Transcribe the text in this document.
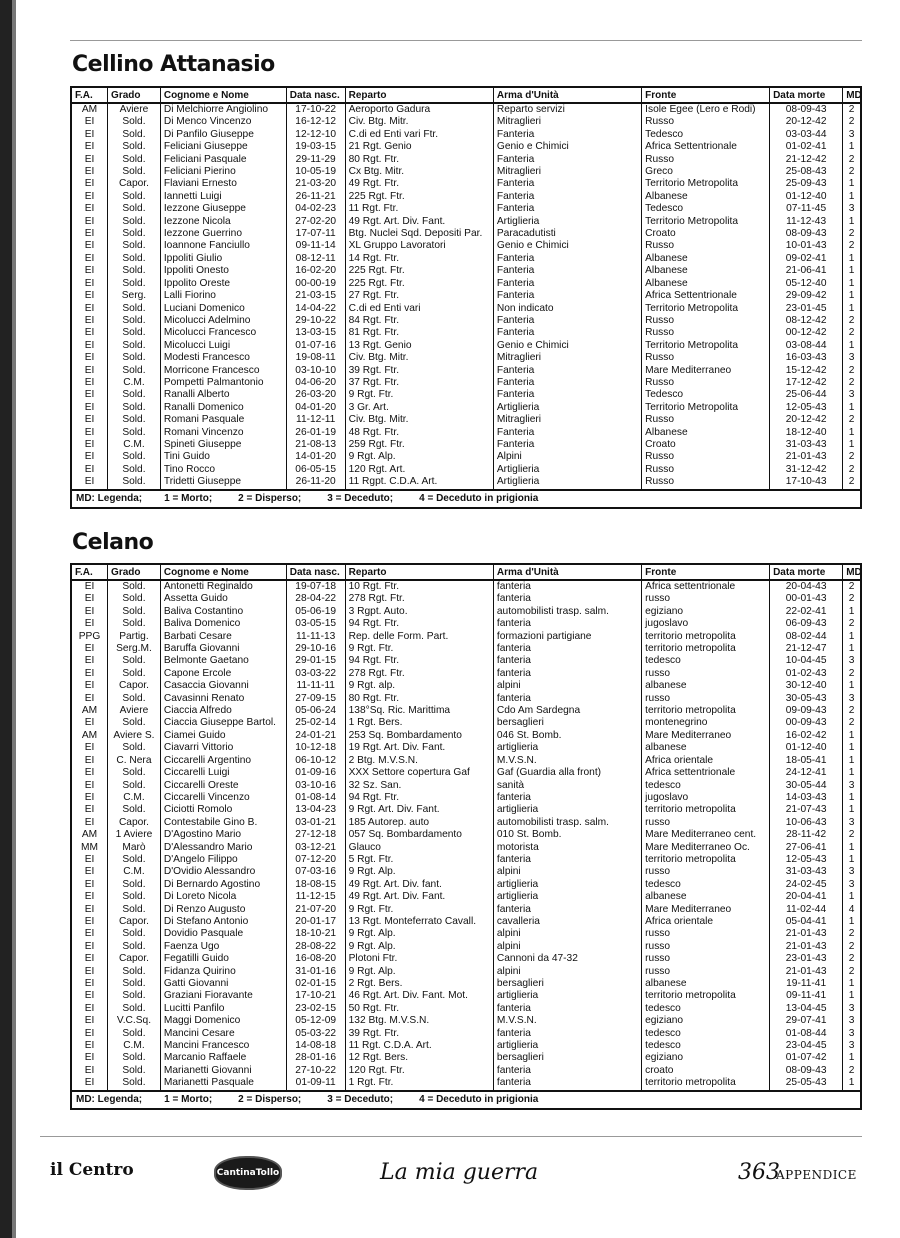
Cellino Attanasio
F.A.	Grado	Cognome e Nome	Data nasc.	Reparto	Arma d'Unità	Fronte	Data morte	MD
AM	Aviere	Di Melchiorre Angiolino	17-10-22	Aeroporto Gadura	Reparto servizi	Isole Egee (Lero e Rodi)	08-09-43	2
EI	Sold.	Di Menco Vincenzo	16-12-12	Civ. Btg. Mitr.	Mitraglieri	Russo	20-12-42	2
EI	Sold.	Di Panfilo Giuseppe	12-12-10	C.di ed Enti vari Ftr.	Fanteria	Tedesco	03-03-44	3
EI	Sold.	Feliciani Giuseppe	19-03-15	21 Rgt. Genio	Genio e Chimici	Africa Settentrionale	01-02-41	1
EI	Sold.	Feliciani Pasquale	29-11-29	80 Rgt. Ftr.	Fanteria	Russo	21-12-42	2
EI	Sold.	Feliciani Pierino	10-05-19	Cx Btg. Mitr.	Mitraglieri	Greco	25-08-43	2
EI	Capor.	Flaviani Ernesto	21-03-20	49 Rgt. Ftr.	Fanteria	Territorio Metropolita	25-09-43	1
EI	Sold.	Iannetti Luigi	26-11-21	225 Rgt. Ftr.	Fanteria	Albanese	01-12-40	1
EI	Sold.	Iezzone Giuseppe	04-02-23	11 Rgt. Ftr.	Fanteria	Tedesco	07-11-45	3
EI	Sold.	Iezzone Nicola	27-02-20	49 Rgt. Art. Div. Fant.	Artiglieria	Territorio Metropolita	11-12-43	1
EI	Sold.	Iezzone Guerrino	17-07-11	Btg. Nuclei Sqd. Depositi Par.	Paracadutisti	Croato	08-09-43	2
EI	Sold.	Ioannone Fanciullo	09-11-14	XL Gruppo Lavoratori	Genio e Chimici	Russo	10-01-43	2
EI	Sold.	Ippoliti Giulio	08-12-11	14 Rgt. Ftr.	Fanteria	Albanese	09-02-41	1
EI	Sold.	Ippoliti Onesto	16-02-20	225 Rgt. Ftr.	Fanteria	Albanese	21-06-41	1
EI	Sold.	Ippolito Oreste	00-00-19	225 Rgt. Ftr.	Fanteria	Albanese	05-12-40	1
EI	Serg.	Lalli Fiorino	21-03-15	27 Rgt. Ftr.	Fanteria	Africa Settentrionale	29-09-42	1
EI	Sold.	Luciani Domenico	14-04-22	C.di ed Enti vari	Non indicato	Territorio Metropolita	23-01-45	1
EI	Sold.	Micolucci Adelmino	29-10-22	84 Rgt. Ftr.	Fanteria	Russo	08-12-42	2
EI	Sold.	Micolucci Francesco	13-03-15	81 Rgt. Ftr.	Fanteria	Russo	00-12-42	2
EI	Sold.	Micolucci Luigi	01-07-16	13 Rgt. Genio	Genio e Chimici	Territorio Metropolita	03-08-44	1
EI	Sold.	Modesti Francesco	19-08-11	Civ. Btg. Mitr.	Mitraglieri	Russo	16-03-43	3
EI	Sold.	Morricone Francesco	03-10-10	39 Rgt. Ftr.	Fanteria	Mare Mediterraneo	15-12-42	2
EI	C.M.	Pompetti Palmantonio	04-06-20	37 Rgt. Ftr.	Fanteria	Russo	17-12-42	2
EI	Sold.	Ranalli Alberto	26-03-20	9 Rgt. Ftr.	Fanteria	Tedesco	25-06-44	3
EI	Sold.	Ranalli Domenico	04-01-20	3 Gr. Art.	Artiglieria	Territorio Metropolita	12-05-43	1
EI	Sold.	Romani Pasquale	11-12-11	Civ. Btg. Mitr.	Mitraglieri	Russo	20-12-42	2
EI	Sold.	Romani Vincenzo	26-01-19	48 Rgt. Ftr.	Fanteria	Albanese	18-12-40	1
EI	C.M.	Spineti Giuseppe	21-08-13	259 Rgt. Ftr.	Fanteria	Croato	31-03-43	1
EI	Sold.	Tini Guido	14-01-20	9 Rgt. Alp.	Alpini	Russo	21-01-43	2
EI	Sold.	Tino Rocco	06-05-15	120 Rgt. Art.	Artiglieria	Russo	31-12-42	2
EI	Sold.	Tridetti Giuseppe	26-11-20	11 Rgpt. C.D.A. Art.	Artiglieria	Russo	17-10-43	2
MD: Legenda; 1 = Morto; 2 = Disperso; 3 = Deceduto; 4 = Deceduto in prigionia								
Celano
F.A.	Grado	Cognome e Nome	Data nasc.	Reparto	Arma d'Unità	Fronte	Data morte	MD
EI	Sold.	Antonetti Reginaldo	19-07-18	10 Rgt. Ftr.	fanteria	Africa settentrionale	20-04-43	2
EI	Sold.	Assetta Guido	28-04-22	278 Rgt. Ftr.	fanteria	russo	00-01-43	2
EI	Sold.	Baliva Costantino	05-06-19	3 Rgpt. Auto.	automobilisti trasp. salm.	egiziano	22-02-41	1
EI	Sold.	Baliva Domenico	03-05-15	94 Rgt. Ftr.	fanteria	jugoslavo	06-09-43	2
PPG	Partig.	Barbati Cesare	11-11-13	Rep. delle Form. Part.	formazioni partigiane	territorio metropolita	08-02-44	1
EI	Serg.M.	Baruffa Giovanni	29-10-16	9 Rgt. Ftr.	fanteria	territorio metropolita	21-12-47	1
EI	Sold.	Belmonte Gaetano	29-01-15	94 Rgt. Ftr.	fanteria	tedesco	10-04-45	3
EI	Sold.	Capone Ercole	03-03-22	278 Rgt. Ftr.	fanteria	russo	01-02-43	2
EI	Capor.	Casaccia Giovanni	11-11-11	9 Rgt. alp.	alpini	albanese	30-12-40	1
EI	Sold.	Cavasinni Renato	27-09-15	80 Rgt. Ftr.	fanteria	russo	30-05-43	3
AM	Aviere	Ciaccia Alfredo	05-06-24	138°Sq. Ric. Marittima	Cdo Am Sardegna	territorio metropolita	09-09-43	2
EI	Sold.	Ciaccia Giuseppe Bartol.	25-02-14	1 Rgt. Bers.	bersaglieri	montenegrino	00-09-43	2
AM	Aviere S.	Ciamei Guido	24-01-21	253 Sq. Bombardamento	046 St. Bomb.	Mare Mediterraneo	16-02-42	1
EI	Sold.	Ciavarri Vittorio	10-12-18	19 Rgt. Art. Div. Fant.	artiglieria	albanese	01-12-40	1
EI	C. Nera	Ciccarelli Argentino	06-10-12	2 Btg. M.V.S.N.	M.V.S.N.	Africa orientale	18-05-41	1
EI	Sold.	Ciccarelli Luigi	01-09-16	XXX Settore copertura Gaf	Gaf (Guardia alla front)	Africa settentrionale	24-12-41	1
EI	Sold.	Ciccarelli Oreste	03-10-16	32 Sz. San.	sanità	tedesco	30-05-44	3
EI	C.M.	Ciccarelli Vincenzo	01-08-14	94 Rgt. Ftr.	fanteria	jugoslavo	14-03-43	1
EI	Sold.	Ciciotti Romolo	13-04-23	9 Rgt. Art. Div. Fant.	artiglieria	territorio metropolita	21-07-43	1
EI	Capor.	Contestabile Gino B.	03-01-21	185 Autorep. auto	automobilisti trasp. salm.	russo	10-06-43	3
AM	1 Aviere	D'Agostino Mario	27-12-18	057 Sq. Bombardamento	010 St. Bomb.	Mare Mediterraneo cent.	28-11-42	2
MM	Marò	D'Alessandro Mario	03-12-21	Glauco	motorista	Mare Mediterraneo Oc.	27-06-41	1
EI	Sold.	D'Angelo Filippo	07-12-20	5 Rgt. Ftr.	fanteria	territorio metropolita	12-05-43	1
EI	C.M.	D'Ovidio Alessandro	07-03-16	9 Rgt. Alp.	alpini	russo	31-03-43	3
EI	Sold.	Di Bernardo Agostino	18-08-15	49 Rgt. Art. Div. fant.	artiglieria	tedesco	24-02-45	3
EI	Sold.	Di Loreto Nicola	11-12-15	49 Rgt. Art. Div. Fant.	artiglieria	albanese	20-04-41	1
EI	Sold.	Di Renzo Augusto	21-07-20	9 Rgt. Ftr.	fanteria	Mare Mediterraneo	11-02-44	4
EI	Capor.	Di Stefano Antonio	20-01-17	13 Rgt. Monteferrato Cavall.	cavalleria	Africa orientale	05-04-41	1
EI	Sold.	Dovidio Pasquale	18-10-21	9 Rgt. Alp.	alpini	russo	21-01-43	2
EI	Sold.	Faenza Ugo	28-08-22	9 Rgt. Alp.	alpini	russo	21-01-43	2
EI	Capor.	Fegatilli Guido	16-08-20	Plotoni Ftr.	Cannoni da 47-32	russo	23-01-43	2
EI	Sold.	Fidanza Quirino	31-01-16	9 Rgt. Alp.	alpini	russo	21-01-43	2
EI	Sold.	Gatti Giovanni	02-01-15	2 Rgt. Bers.	bersaglieri	albanese	19-11-41	1
EI	Sold.	Graziani Fioravante	17-10-21	46 Rgt. Art. Div. Fant. Mot.	artiglieria	territorio metropolita	09-11-41	1
EI	Sold.	Lucitti Panfilo	23-02-15	50 Rgt. Ftr.	fanteria	tedesco	13-04-45	3
EI	V.C.Sq.	Maggi Domenico	05-12-09	132 Btg. M.V.S.N.	M.V.S.N.	egiziano	29-07-41	3
EI	Sold.	Mancini Cesare	05-03-22	39 Rgt. Ftr.	fanteria	tedesco	01-08-44	3
EI	C.M.	Mancini Francesco	14-08-18	11 Rgt. C.D.A. Art.	artiglieria	tedesco	23-04-45	3
EI	Sold.	Marcanio Raffaele	28-01-16	12 Rgt. Bers.	bersaglieri	egiziano	01-07-42	1
EI	Sold.	Marianetti Giovanni	27-10-22	120 Rgt. Ftr.	fanteria	croato	08-09-43	2
EI	Sold.	Marianetti Pasquale	01-09-11	1 Rgt. Ftr.	fanteria	territorio metropolita	25-05-43	1
MD: Legenda; 1 = Morto; 2 = Disperso; 3 = Deceduto; 4 = Deceduto in prigionia								
il Centro	CantinaTollo	La mia guerra	363
APPENDICE
